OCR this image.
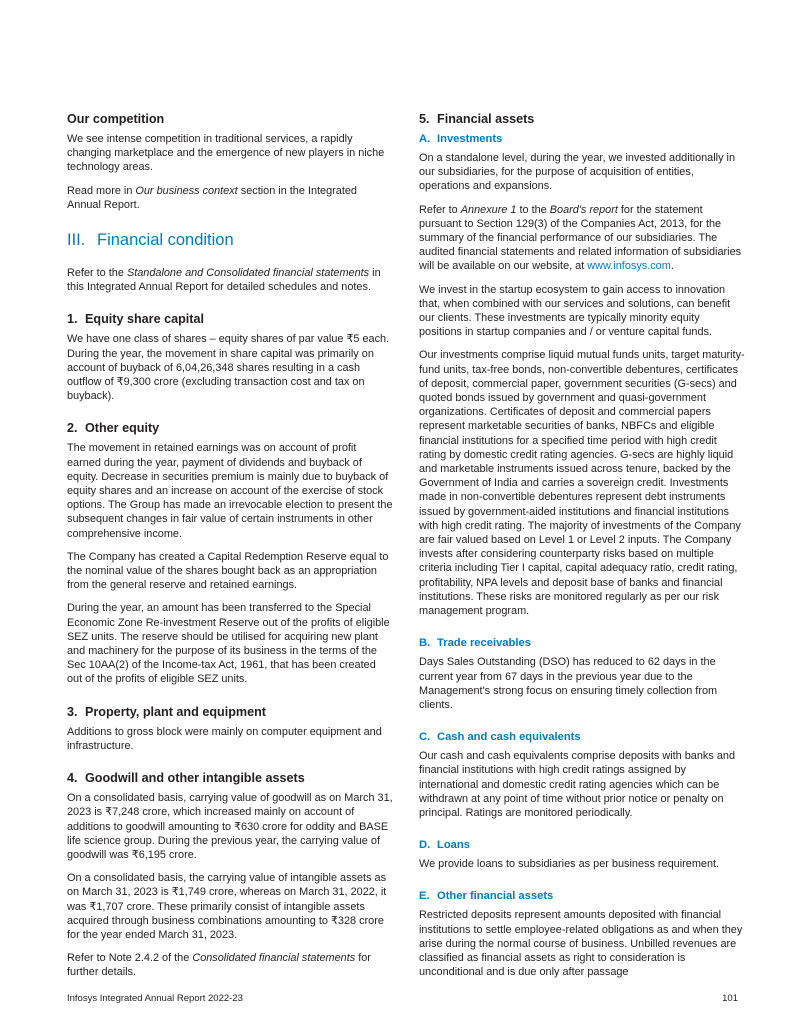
Our competition

We see intense competition in traditional services, a rapidly changing marketplace and the emergence of new players in niche technology areas.

Read more in Our business context section in the Integrated Annual Report.

III. Financial condition

Refer to the Standalone and Consolidated financial statements in this Integrated Annual Report for detailed schedules and notes.

1. Equity share capital

We have one class of shares – equity shares of par value ₹5 each. During the year, the movement in share capital was primarily on account of buyback of 6,04,26,348 shares resulting in a cash outflow of ₹9,300 crore (excluding transaction cost and tax on buyback).

2. Other equity

The movement in retained earnings was on account of profit earned during the year, payment of dividends and buyback of equity. Decrease in securities premium is mainly due to buyback of equity shares and an increase on account of the exercise of stock options. The Group has made an irrevocable election to present the subsequent changes in fair value of certain instruments in other comprehensive income.

The Company has created a Capital Redemption Reserve equal to the nominal value of the shares bought back as an appropriation from the general reserve and retained earnings.

During the year, an amount has been transferred to the Special Economic Zone Re-investment Reserve out of the profits of eligible SEZ units. The reserve should be utilised for acquiring new plant and machinery for the purpose of its business in the terms of the Sec 10AA(2) of the Income-tax Act, 1961, that has been created out of the profits of eligible SEZ units.

3. Property, plant and equipment

Additions to gross block were mainly on computer equipment and infrastructure.

4. Goodwill and other intangible assets

On a consolidated basis, carrying value of goodwill as on March 31, 2023 is ₹7,248 crore, which increased mainly on account of additions to goodwill amounting to ₹630 crore for oddity and BASE life science group. During the previous year, the carrying value of goodwill was ₹6,195 crore.

On a consolidated basis, the carrying value of intangible assets as on March 31, 2023 is ₹1,749 crore, whereas on March 31, 2022, it was ₹1,707 crore. These primarily consist of intangible assets acquired through business combinations amounting to ₹328 crore for the year ended March 31, 2023.

Refer to Note 2.4.2 of the Consolidated financial statements for further details.

5. Financial assets
A. Investments

On a standalone level, during the year, we invested additionally in our subsidiaries, for the purpose of acquisition of entities, operations and expansions.

Refer to Annexure 1 to the Board's report for the statement pursuant to Section 129(3) of the Companies Act, 2013, for the summary of the financial performance of our subsidiaries. The audited financial statements and related information of subsidiaries will be available on our website, at www.infosys.com.

We invest in the startup ecosystem to gain access to innovation that, when combined with our services and solutions, can benefit our clients. These investments are typically minority equity positions in startup companies and / or venture capital funds.

Our investments comprise liquid mutual funds units, target maturity-fund units, tax-free bonds, non-convertible debentures, certificates of deposit, commercial paper, government securities (G-secs) and quoted bonds issued by government and quasi-government organizations. Certificates of deposit and commercial papers represent marketable securities of banks, NBFCs and eligible financial institutions for a specified time period with high credit rating by domestic credit rating agencies. G-secs are highly liquid and marketable instruments issued across tenure, backed by the Government of India and carries a sovereign credit. Investments made in non-convertible debentures represent debt instruments issued by government-aided institutions and financial institutions with high credit rating. The majority of investments of the Company are fair valued based on Level 1 or Level 2 inputs. The Company invests after considering counterparty risks based on multiple criteria including Tier I capital, capital adequacy ratio, credit rating, profitability, NPA levels and deposit base of banks and financial institutions. These risks are monitored regularly as per our risk management program.

B. Trade receivables

Days Sales Outstanding (DSO) has reduced to 62 days in the current year from 67 days in the previous year due to the Management's strong focus on ensuring timely collection from clients.

C. Cash and cash equivalents

Our cash and cash equivalents comprise deposits with banks and financial institutions with high credit ratings assigned by international and domestic credit rating agencies which can be withdrawn at any point of time without prior notice or penalty on principal. Ratings are monitored periodically.

D. Loans

We provide loans to subsidiaries as per business requirement.

E. Other financial assets

Restricted deposits represent amounts deposited with financial institutions to settle employee-related obligations as and when they arise during the normal course of business. Unbilled revenues are classified as financial assets as right to consideration is unconditional and is due only after passage

Infosys Integrated Annual Report 2022-23	101
